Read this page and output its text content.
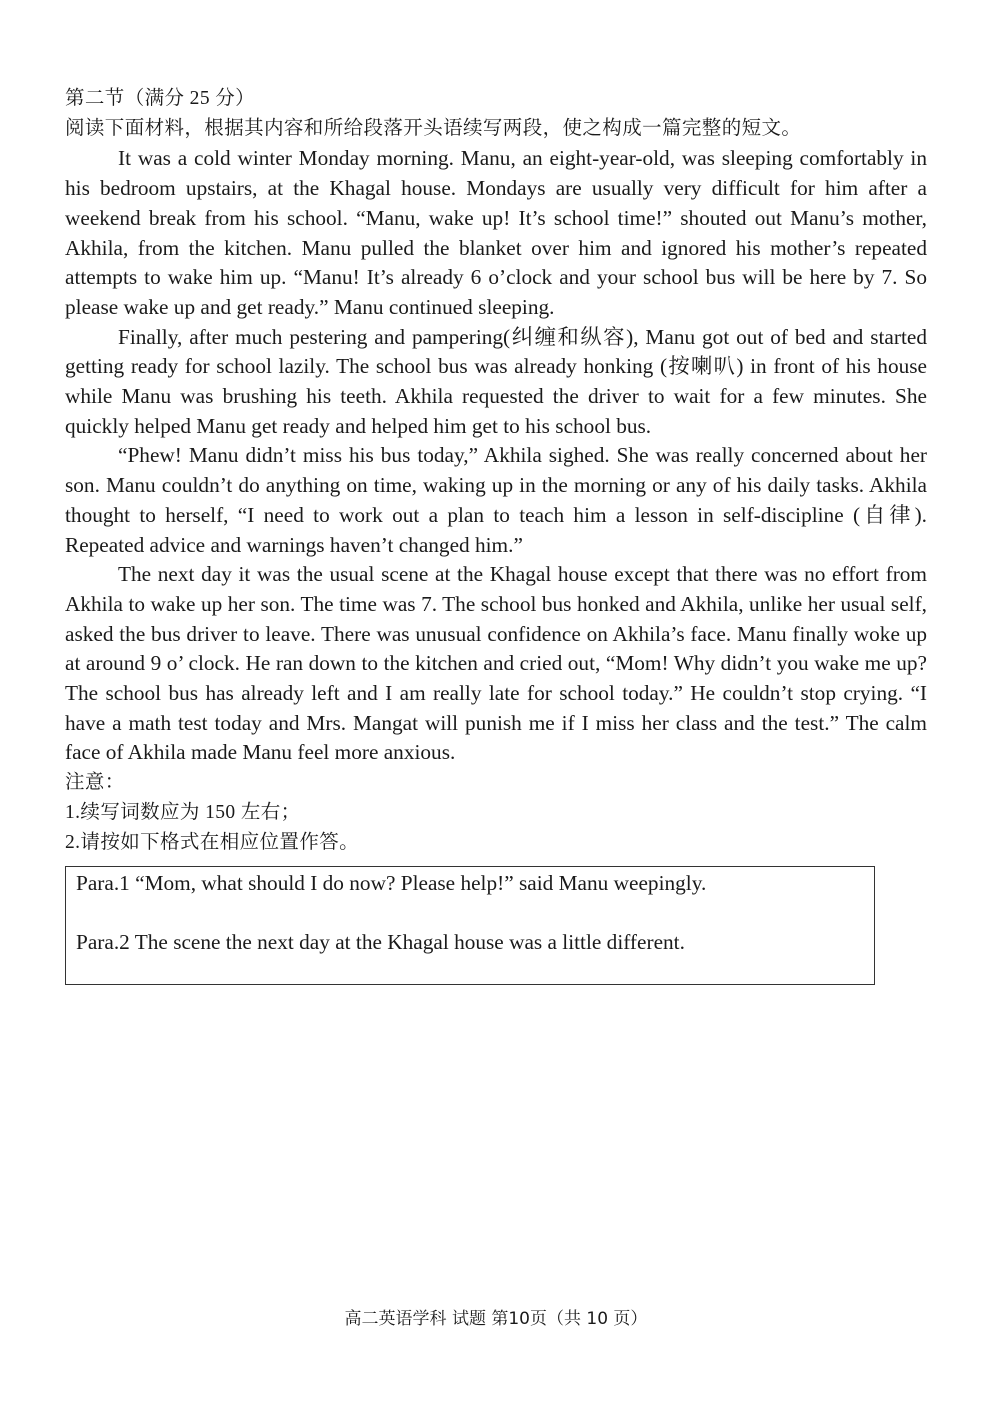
第二节（满分 25 分）

阅读下面材料，根据其内容和所给段落开头语续写两段，使之构成一篇完整的短文。

It was a cold winter Monday morning. Manu, an eight-year-old, was sleeping comfortably in his bedroom upstairs, at the Khagal house. Mondays are usually very difficult for him after a weekend break from his school. “Manu, wake up! It’s school time!” shouted out Manu’s mother, Akhila, from the kitchen. Manu pulled the blanket over him and ignored his mother’s repeated attempts to wake him up. “Manu! It’s already 6 o’clock and your school bus will be here by 7. So please wake up and get ready.” Manu continued sleeping.

Finally, after much pestering and pampering(纠缠和纵容), Manu got out of bed and started getting ready for school lazily. The school bus was already honking (按喇叭) in front of his house while Manu was brushing his teeth. Akhila requested the driver to wait for a few minutes. She quickly helped Manu get ready and helped him get to his school bus.

“Phew! Manu didn’t miss his bus today,” Akhila sighed. She was really concerned about her son. Manu couldn’t do anything on time, waking up in the morning or any of his daily tasks. Akhila thought to herself, “I need to work out a plan to teach him a lesson in self-discipline (自律). Repeated advice and warnings haven’t changed him.”

The next day it was the usual scene at the Khagal house except that there was no effort from Akhila to wake up her son. The time was 7. The school bus honked and Akhila, unlike her usual self, asked the bus driver to leave. There was unusual confidence on Akhila’s face. Manu finally woke up at around 9 o’ clock. He ran down to the kitchen and cried out, “Mom! Why didn’t you wake me up? The school bus has already left and I am really late for school today.” He couldn’t stop crying. “I have a math test today and Mrs. Mangat will punish me if I miss her class and the test.” The calm face of Akhila made Manu feel more anxious.

注意：

1.续写词数应为 150 左右；

2.请按如下格式在相应位置作答。

Para.1 “Mom, what should I do now? Please help!” said Manu weepingly.
Para.2 The scene the next day at the Khagal house was a little different.
高二英语学科 试题 第10页（共 10 页）
